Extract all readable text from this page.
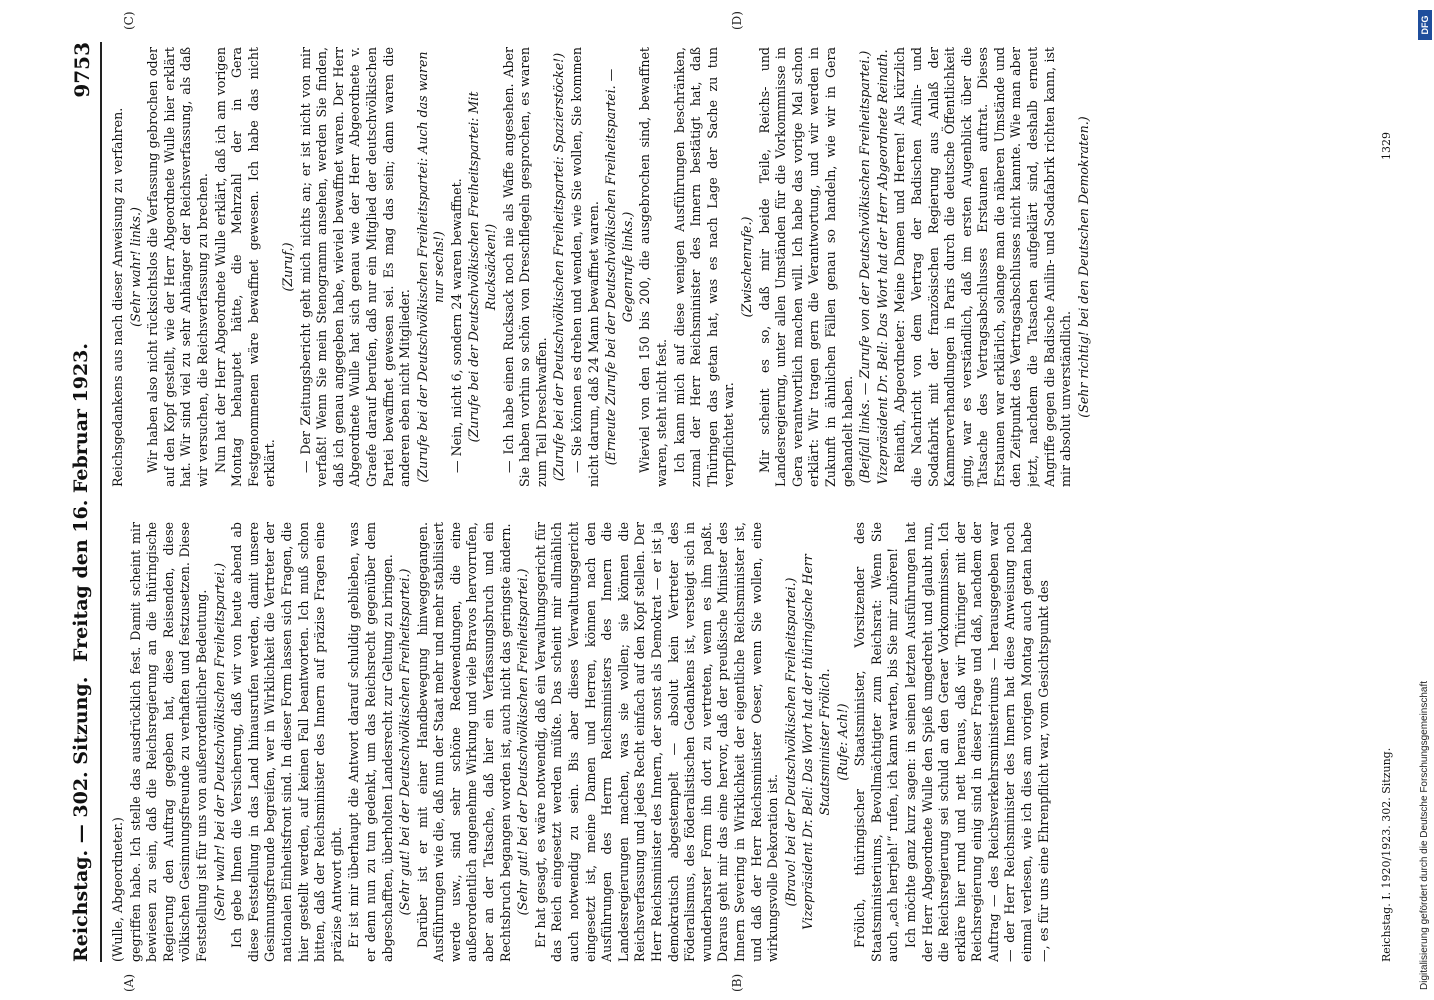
Reichstag. — 302. Sitzung.
Freitag den 16. Februar 1923.
9753
(A)	(B)
(C)	(D)

(Wulle, Abgeordneter.) gegriffen habe. Ich stelle das ausdrücklich fest. Damit scheint mir bewiesen zu sein, daß die Reichsregierung an die thüringische Regierung den Auftrag gegeben hat, diese Reisenden, diese völkischen Gesinnungsfreunde zu verhaften und festzusetzen. Diese Feststellung ist für uns von außerordentlicher Bedeutung. (Sehr wahr! bei der Deutschvölkischen Freiheitspartei.) Ich gebe Ihnen die Versicherung, daß wir von heute abend ab diese Feststellung in das Land hinausrufen werden, damit unsere Gesinnungsfreunde begreifen, wer in Wirklichkeit die Vertreter der nationalen Einheitsfront sind. In dieser Form lassen sich Fragen, die hier gestellt werden, auf keinen Fall beantworten. Ich muß schon bitten, daß der Reichsminister des Innern auf präzise Fragen eine präzise Antwort gibt. Er ist mir überhaupt die Antwort darauf schuldig geblieben, was er denn nun zu tun gedenkt, um das Reichsrecht gegenüber dem abgeschafften, überholten Landesrecht zur Geltung zu bringen. (Sehr gut! bei der Deutschvölkischen Freiheitspartei.) Darüber ist er mit einer Handbewegung hinweggegangen. Ausführungen wie die, daß nun der Staat mehr und mehr stabilisiert werde usw., sind sehr schöne Redewendungen, die eine außerordentlich angenehme Wirkung und viele Bravos hervorrufen, aber an der Tatsache, daß hier ein Verfassungsbruch und ein Rechtsbruch begangen worden ist, auch nicht das geringste ändern. (Sehr gut! bei der Deutschvölkischen Freiheitspartei.) Er hat gesagt, es wäre notwendig, daß ein Verwaltungsgericht für das Reich eingesetzt werden müßte. Das scheint mir allmählich auch notwendig zu sein. Bis aber dieses Verwaltungsgericht eingesetzt ist, meine Damen und Herren, können nach den Ausführungen des Herrn Reichsministers des Innern die Landesregierungen machen, was sie wollen; sie können die Reichsverfassung und jedes Recht einfach auf den Kopf stellen. Der Herr Reichsminister des Innern, der sonst als Demokrat — er ist ja demokratisch abgestempelt — absolut kein Vertreter des Föderalismus, des föderalistischen Gedankens ist, versteigt sich in wunderbarster Form ihn dort zu vertreten, wenn es ihm paßt. Daraus geht mir das eine hervor, daß der preußische Minister des Innern Severing in Wirklichkeit der eigentliche Reichsminister ist, und daß der Herr Reichsminister Oeser, wenn Sie wollen, eine wirkungsvolle Dekoration ist. (Bravo! bei der Deutschvölkischen Freiheitspartei.) Vizepräsident Dr. Bell: Das Wort hat der thüringische Herr Staatsminister Frölich. (Rufe: Ach!) Frölich, thüringischer Staatsminister, Vorsitzender des Staatsministeriums, Bevollmächtigter zum Reichsrat: Wenn Sie auch „ach herrjeh!“ rufen, ich kann warten, bis Sie mir zuhören! Ich möchte ganz kurz sagen: in seinen letzten Ausführungen hat der Herr Abgeordnete Wulle den Spieß umgedreht und glaubt nun, die Reichsregierung sei schuld an den Geraer Vorkommnissen. Ich erkläre hier rund und nett heraus, daß wir Thüringer mit der Reichsregierung einig sind in dieser Frage und daß, nachdem der Auftrag — des Reichsverkehrsministeriums — herausgegeben war — der Herr Reichsminister des Innern hat diese Anweisung noch einmal verlesen, wie ich dies am vorigen Montag auch getan habe —, es für uns eine Ehrenpflicht war, vom Gesichtspunkt des

Reichsgedankens aus nach dieser Anweisung zu verfahren. (Sehr wahr! links.) Wir haben also nicht rücksichtslos die Verfassung gebrochen oder auf den Kopf gestellt, wie der Herr Abgeordnete Wulle hier erklärt hat. Wir sind viel zu sehr Anhänger der Reichsverfassung, als daß wir versuchen, die Reichsverfassung zu brechen. Nun hat der Herr Abgeordnete Wulle erklärt, daß ich am vorigen Montag behauptet hätte, die Mehrzahl der in Gera Festgenommenen wäre bewaffnet gewesen. Ich habe das nicht erklärt.

(Zuruf.) — Der Zeitungsbericht geht mich nichts an; er ist nicht von mir verfaßt! Wenn Sie mein Stenogramm ansehen, werden Sie finden, daß ich genau angegeben habe, wieviel bewaffnet waren. Der Herr Abgeordnete Wulle hat sich genau wie der Herr Abgeordnete v. Graefe darauf berufen, daß nur ein Mitglied der deutschvölkischen Partei bewaffnet gewesen sei. Es mag das sein; dann waren die anderen eben nicht Mitglieder. (Zurufe bei der Deutschvölkischen Freiheitspartei: Auch das waren nur sechs!) — Nein, nicht 6, sondern 24 waren bewaffnet. (Zurufe bei der Deutschvölkischen Freiheitspartei: Mit Rucksäcken!) — Ich habe einen Rucksack noch nie als Waffe angesehen. Aber Sie haben vorhin so schön von Dreschflegeln gesprochen, es waren zum Teil Dreschwaffen. (Zurufe bei der Deutschvölkischen Freiheitspartei: Spazierstöcke!) — Sie können es drehen und wenden, wie Sie wollen, Sie kommen nicht darum, daß 24 Mann bewaffnet waren. (Erneute Zurufe bei der Deutschvölkischen Freiheitspartei. — Gegenrufe links.) Wieviel von den 150 bis 200, die ausgebrochen sind, bewaffnet waren, steht nicht fest. Ich kann mich auf diese wenigen Ausführungen beschränken, zumal der Herr Reichsminister des Innern bestätigt hat, daß Thüringen das getan hat, was es nach Lage der Sache zu tun verpflichtet war.

(Zwischenrufe.) Mir scheint es so, daß mir beide Teile, Reichs- und Landesregierung, unter allen Umständen für die Vorkommnisse in Gera verantwortlich machen will. Ich habe das vorige Mal schon erklärt: Wir tragen gern die Verantwortung, und wir werden in Zukunft in ähnlichen Fällen genau so handeln, wie wir in Gera gehandelt haben. (Beifall links. — Zurufe von der Deutschvölkischen Freiheitspartei.) Vizepräsident Dr. Bell: Das Wort hat der Herr Abgeordnete Reinath. Reinath, Abgeordneter: Meine Damen und Herren! Als kürzlich die Nachricht von dem Vertrag der Badischen Anilin- und Sodafabrik mit der französischen Regierung aus Anlaß der Kammerverhandlungen in Paris durch die deutsche Öffentlichkeit ging, war es verständlich, daß im ersten Augenblick über die Tatsache des Vertragsabschlusses Erstaunen auftrat. Dieses Erstaunen war erklärlich, solange man die näheren Umstände und den Zeitpunkt des Vertragsabschlusses nicht kannte. Wie man aber jetzt, nachdem die Tatsachen aufgeklärt sind, deshalb erneut Angriffe gegen die Badische Anilin- und Sodafabrik richten kann, ist mir absolut unverständlich. (Sehr richtig! bei den Deutschen Demokraten.)

Reichstag. I. 1920/1923. 302. Sitzung.
1329
Digitalisierung gefördert durch die Deutsche Forschungsgemeinschaft
DFG
